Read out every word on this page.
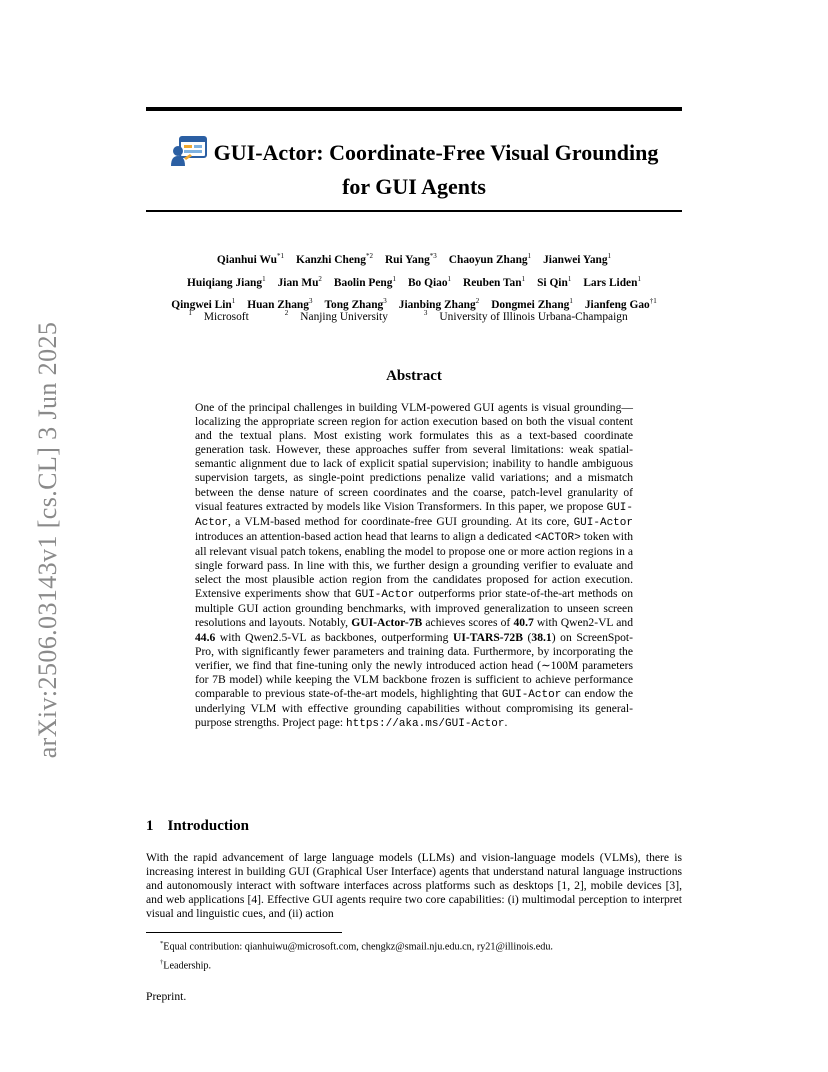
arXiv:2506.03143v1 [cs.CL] 3 Jun 2025

GUI-Actor: Coordinate-Free Visual Grounding
for GUI Agents

Qianhui Wu$^{*1}$ Kanzhi Cheng$^{*2}$ Rui Yang$^{*3}$ Chaoyun Zhang$^1$ Jianwei Yang$^1$
Huiqiang Jiang$^1$ Jian Mu$^2$ Baolin Peng$^1$ Bo Qiao$^1$ Reuben Tan$^1$ Si Qin$^1$ Lars Liden$^1$
Qingwei Lin$^1$ Huan Zhang$^3$ Tong Zhang$^3$ Jianbing Zhang$^2$ Dongmei Zhang$^1$ Jianfeng Gao$^{\dagger 1}$
$^1$ Microsoft	$^2$ Nanjing University	$^3$ University of Illinois Urbana-Champaign
Abstract

One of the principal challenges in building VLM-powered GUI agents is visual grounding—localizing the appropriate screen region for action execution based on both the visual content and the textual plans. Most existing work formulates this as a text-based coordinate generation task. However, these approaches suffer from several limitations: weak spatial-semantic alignment due to lack of explicit spatial supervision; inability to handle ambiguous supervision targets, as single-point predictions penalize valid variations; and a mismatch between the dense nature of screen coordinates and the coarse, patch-level granularity of visual features extracted by models like Vision Transformers. In this paper, we propose GUI-Actor, a VLM-based method for coordinate-free GUI grounding. At its core, GUI-Actor introduces an attention-based action head that learns to align a dedicated <ACTOR> token with all relevant visual patch tokens, enabling the model to propose one or more action regions in a single forward pass. In line with this, we further design a grounding verifier to evaluate and select the most plausible action region from the candidates proposed for action execution. Extensive experiments show that GUI-Actor outperforms prior state-of-the-art methods on multiple GUI action grounding benchmarks, with improved generalization to unseen screen resolutions and layouts. Notably, GUI-Actor-7B achieves scores of 40.7 with Qwen2-VL and 44.6 with Qwen2.5-VL as backbones, outperforming UI-TARS-72B (38.1) on ScreenSpot-Pro, with significantly fewer parameters and training data. Furthermore, by incorporating the verifier, we find that fine-tuning only the newly introduced action head (∼100M parameters for 7B model) while keeping the VLM backbone frozen is sufficient to achieve performance comparable to previous state-of-the-art models, highlighting that GUI-Actor can endow the underlying VLM with effective grounding capabilities without compromising its general-purpose strengths. Project page: https://aka.ms/GUI-Actor.

1 Introduction

With the rapid advancement of large language models (LLMs) and vision-language models (VLMs), there is increasing interest in building GUI (Graphical User Interface) agents that understand natural language instructions and autonomously interact with software interfaces across platforms such as desktops [1, 2], mobile devices [3], and web applications [4]. Effective GUI agents require two core capabilities: (i) multimodal perception to interpret visual and linguistic cues, and (ii) action

*Equal contribution: qianhuiwu@microsoft.com, chengkz@smail.nju.edu.cn, ry21@illinois.edu.
†Leadership.
Preprint.
